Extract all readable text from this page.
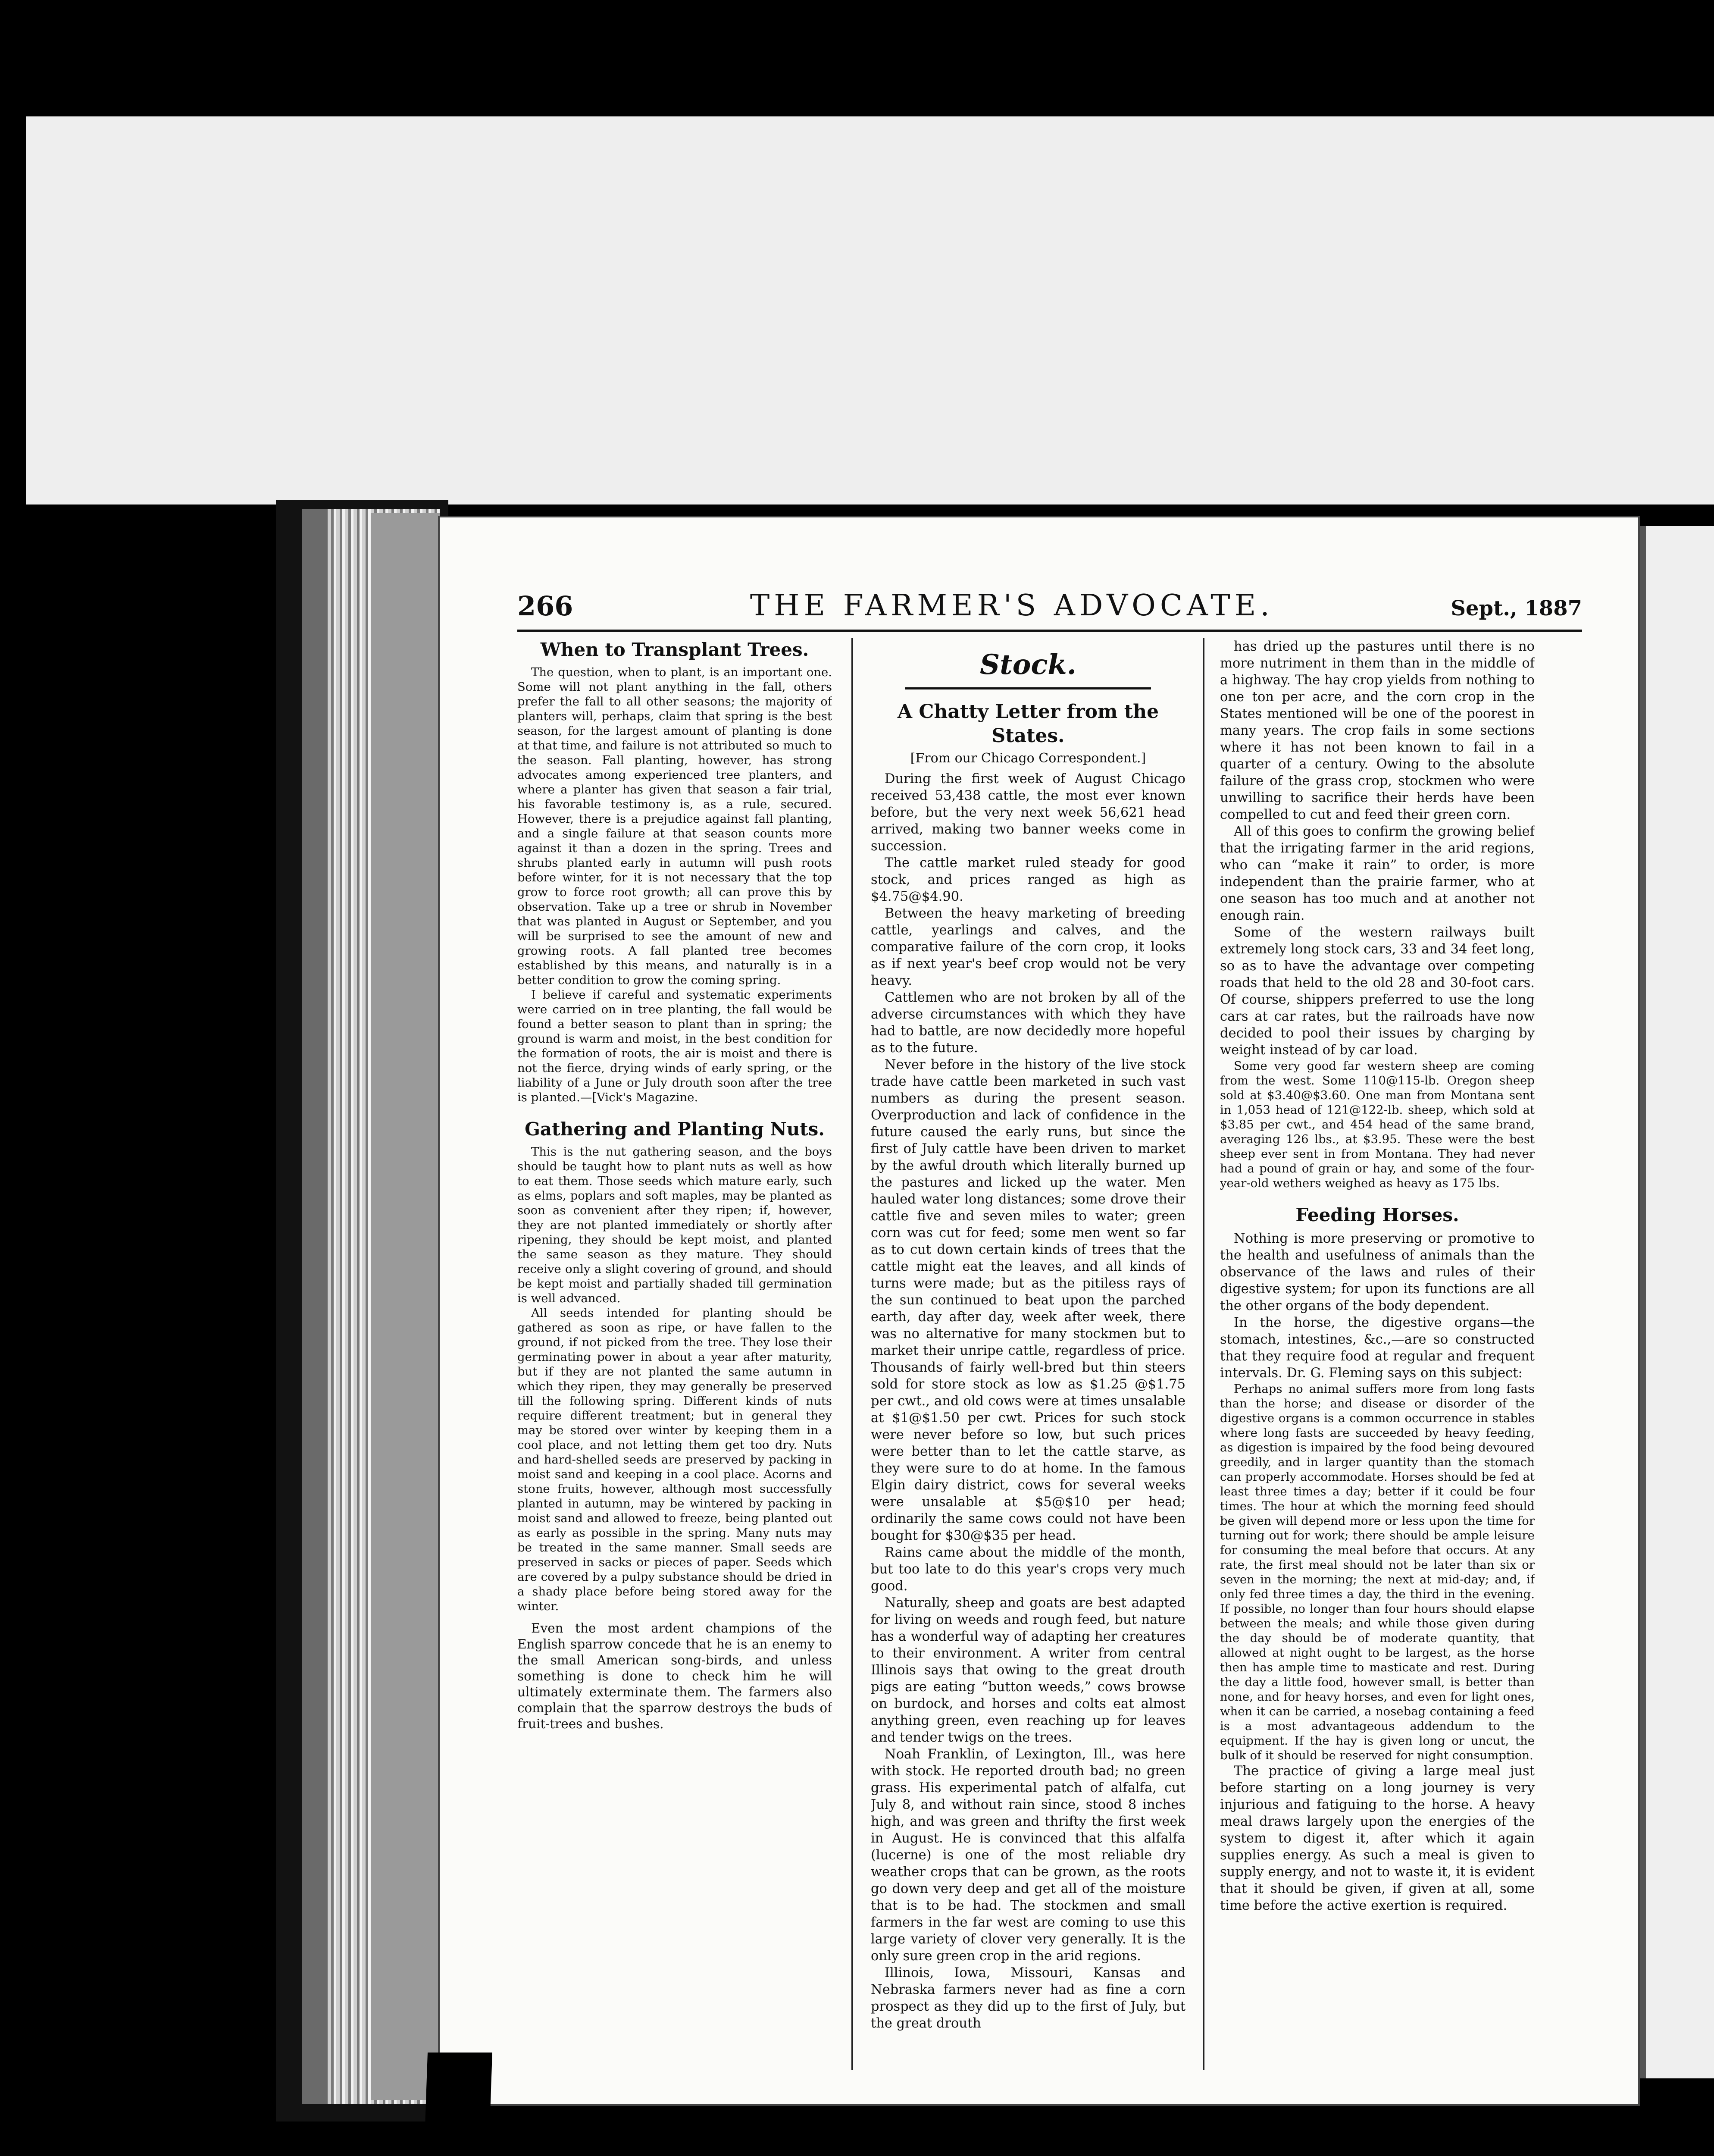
266	THE FARMER'S ADVOCATE.	Sept., 1887
When to Transplant Trees.

The question, when to plant, is an important one. Some will not plant anything in the fall, others prefer the fall to all other seasons; the majority of planters will, perhaps, claim that spring is the best season, for the largest amount of planting is done at that time, and failure is not attributed so much to the season. Fall planting, however, has strong advocates among experienced tree planters, and where a planter has given that season a fair trial, his favorable testimony is, as a rule, secured. However, there is a prejudice against fall planting, and a single failure at that season counts more against it than a dozen in the spring. Trees and shrubs planted early in autumn will push roots before winter, for it is not necessary that the top grow to force root growth; all can prove this by observation. Take up a tree or shrub in November that was planted in August or September, and you will be surprised to see the amount of new and growing roots. A fall planted tree becomes established by this means, and naturally is in a better condition to grow the coming spring.

I believe if careful and systematic experiments were carried on in tree planting, the fall would be found a better season to plant than in spring; the ground is warm and moist, in the best condition for the formation of roots, the air is moist and there is not the fierce, drying winds of early spring, or the liability of a June or July drouth soon after the tree is planted.—[Vick's Magazine.

Gathering and Planting Nuts.

This is the nut gathering season, and the boys should be taught how to plant nuts as well as how to eat them. Those seeds which mature early, such as elms, poplars and soft maples, may be planted as soon as convenient after they ripen; if, however, they are not planted immediately or shortly after ripening, they should be kept moist, and planted the same season as they mature. They should receive only a slight covering of ground, and should be kept moist and partially shaded till germination is well advanced.

All seeds intended for planting should be gathered as soon as ripe, or have fallen to the ground, if not picked from the tree. They lose their germinating power in about a year after maturity, but if they are not planted the same autumn in which they ripen, they may generally be preserved till the following spring. Different kinds of nuts require different treatment; but in general they may be stored over winter by keeping them in a cool place, and not letting them get too dry. Nuts and hard-shelled seeds are preserved by packing in moist sand and keeping in a cool place. Acorns and stone fruits, however, although most successfully planted in autumn, may be wintered by packing in moist sand and allowed to freeze, being planted out as early as possible in the spring. Many nuts may be treated in the same manner. Small seeds are preserved in sacks or pieces of paper. Seeds which are covered by a pulpy substance should be dried in a shady place before being stored away for the winter.

Even the most ardent champions of the English sparrow concede that he is an enemy to the small American song-birds, and unless something is done to check him he will ultimately exterminate them. The farmers also complain that the sparrow destroys the buds of fruit-trees and bushes.

Stock.
A Chatty Letter from the States.
[From our Chicago Correspondent.]

During the first week of August Chicago received 53,438 cattle, the most ever known before, but the very next week 56,621 head arrived, making two banner weeks come in succession.

The cattle market ruled steady for good stock, and prices ranged as high as $4.75@$4.90.

Between the heavy marketing of breeding cattle, yearlings and calves, and the comparative failure of the corn crop, it looks as if next year's beef crop would not be very heavy.

Cattlemen who are not broken by all of the adverse circumstances with which they have had to battle, are now decidedly more hopeful as to the future.

Never before in the history of the live stock trade have cattle been marketed in such vast numbers as during the present season. Overproduction and lack of confidence in the future caused the early runs, but since the first of July cattle have been driven to market by the awful drouth which literally burned up the pastures and licked up the water. Men hauled water long distances; some drove their cattle five and seven miles to water; green corn was cut for feed; some men went so far as to cut down certain kinds of trees that the cattle might eat the leaves, and all kinds of turns were made; but as the pitiless rays of the sun continued to beat upon the parched earth, day after day, week after week, there was no alternative for many stockmen but to market their unripe cattle, regardless of price. Thousands of fairly well-bred but thin steers sold for store stock as low as $1.25 @$1.75 per cwt., and old cows were at times unsalable at $1@$1.50 per cwt. Prices for such stock were never before so low, but such prices were better than to let the cattle starve, as they were sure to do at home. In the famous Elgin dairy district, cows for several weeks were unsalable at $5@$10 per head; ordinarily the same cows could not have been bought for $30@$35 per head.

Rains came about the middle of the month, but too late to do this year's crops very much good.

Naturally, sheep and goats are best adapted for living on weeds and rough feed, but nature has a wonderful way of adapting her creatures to their environment. A writer from central Illinois says that owing to the great drouth pigs are eating “button weeds,” cows browse on burdock, and horses and colts eat almost anything green, even reaching up for leaves and tender twigs on the trees.

Noah Franklin, of Lexington, Ill., was here with stock. He reported drouth bad; no green grass. His experimental patch of alfalfa, cut July 8, and without rain since, stood 8 inches high, and was green and thrifty the first week in August. He is convinced that this alfalfa (lucerne) is one of the most reliable dry weather crops that can be grown, as the roots go down very deep and get all of the moisture that is to be had. The stockmen and small farmers in the far west are coming to use this large variety of clover very generally. It is the only sure green crop in the arid regions.

Illinois, Iowa, Missouri, Kansas and Nebraska farmers never had as fine a corn prospect as they did up to the first of July, but the great drouth

has dried up the pastures until there is no more nutriment in them than in the middle of a highway. The hay crop yields from nothing to one ton per acre, and the corn crop in the States mentioned will be one of the poorest in many years. The crop fails in some sections where it has not been known to fail in a quarter of a century. Owing to the absolute failure of the grass crop, stockmen who were unwilling to sacrifice their herds have been compelled to cut and feed their green corn.

All of this goes to confirm the growing belief that the irrigating farmer in the arid regions, who can “make it rain” to order, is more independent than the prairie farmer, who at one season has too much and at another not enough rain.

Some of the western railways built extremely long stock cars, 33 and 34 feet long, so as to have the advantage over competing roads that held to the old 28 and 30-foot cars. Of course, shippers preferred to use the long cars at car rates, but the railroads have now decided to pool their issues by charging by weight instead of by car load.

Some very good far western sheep are coming from the west. Some 110@115-lb. Oregon sheep sold at $3.40@$3.60. One man from Montana sent in 1,053 head of 121@122-lb. sheep, which sold at $3.85 per cwt., and 454 head of the same brand, averaging 126 lbs., at $3.95. These were the best sheep ever sent in from Montana. They had never had a pound of grain or hay, and some of the four-year-old wethers weighed as heavy as 175 lbs.

Feeding Horses.

Nothing is more preserving or promotive to the health and usefulness of animals than the observance of the laws and rules of their digestive system; for upon its functions are all the other organs of the body dependent.

In the horse, the digestive organs—the stomach, intestines, &c.,—are so constructed that they require food at regular and frequent intervals. Dr. G. Fleming says on this subject:

Perhaps no animal suffers more from long fasts than the horse; and disease or disorder of the digestive organs is a common occurrence in stables where long fasts are succeeded by heavy feeding, as digestion is impaired by the food being devoured greedily, and in larger quantity than the stomach can properly accommodate. Horses should be fed at least three times a day; better if it could be four times. The hour at which the morning feed should be given will depend more or less upon the time for turning out for work; there should be ample leisure for consuming the meal before that occurs. At any rate, the first meal should not be later than six or seven in the morning; the next at mid-day; and, if only fed three times a day, the third in the evening. If possible, no longer than four hours should elapse between the meals; and while those given during the day should be of moderate quantity, that allowed at night ought to be largest, as the horse then has ample time to masticate and rest. During the day a little food, however small, is better than none, and for heavy horses, and even for light ones, when it can be carried, a nosebag containing a feed is a most advantageous addendum to the equipment. If the hay is given long or uncut, the bulk of it should be reserved for night consumption.

The practice of giving a large meal just before starting on a long journey is very injurious and fatiguing to the horse. A heavy meal draws largely upon the energies of the system to digest it, after which it again supplies energy. As such a meal is given to supply energy, and not to waste it, it is evident that it should be given, if given at all, some time before the active exertion is required.
